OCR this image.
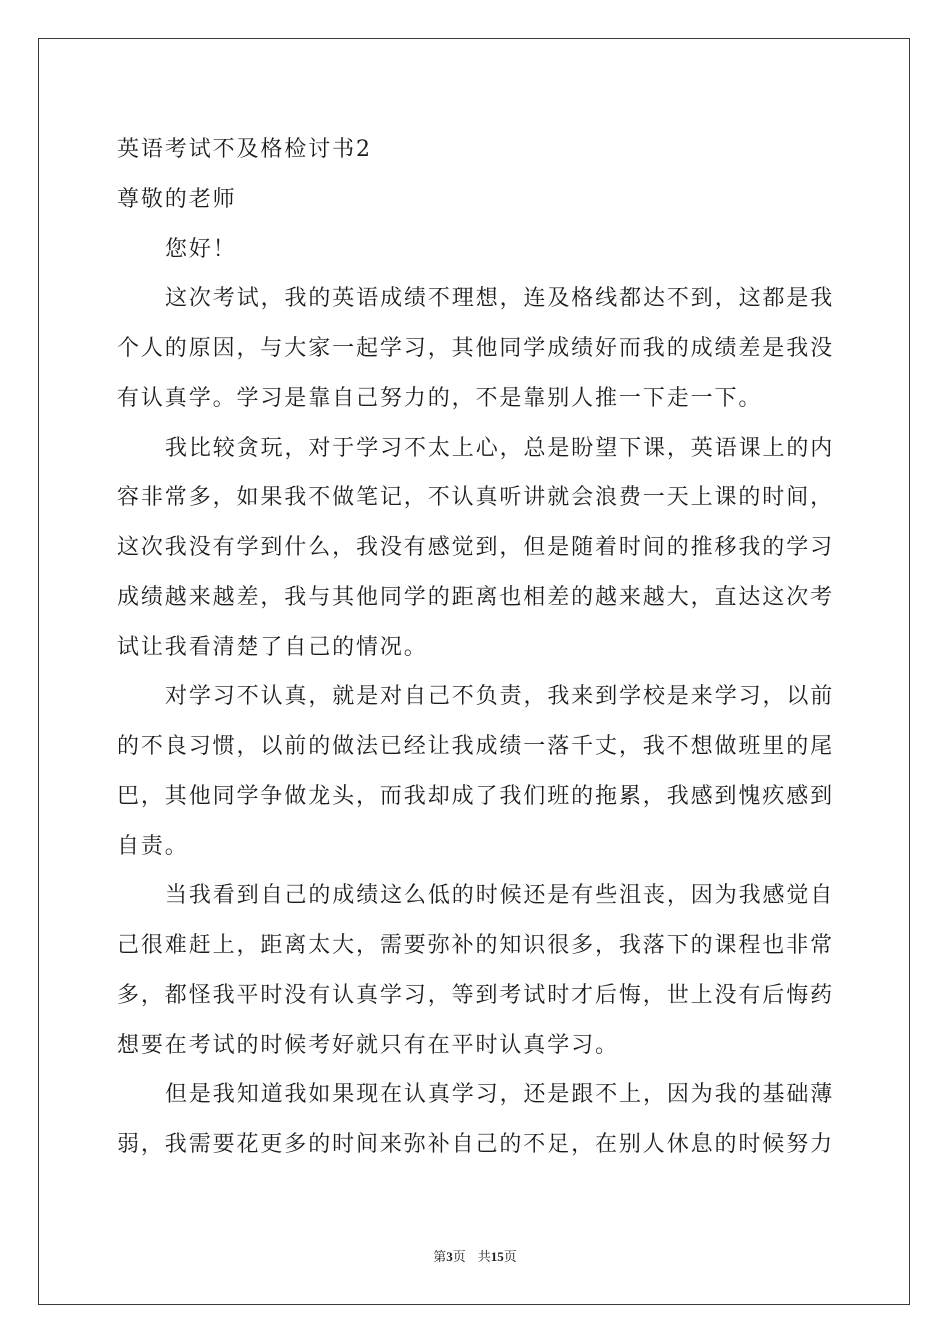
英语考试不及格检讨书2
尊敬的老师
您好！
这次考试，我的英语成绩不理想，连及格线都达不到，这都是我
个人的原因，与大家一起学习，其他同学成绩好而我的成绩差是我没
有认真学。学习是靠自己努力的，不是靠别人推一下走一下。
我比较贪玩，对于学习不太上心，总是盼望下课，英语课上的内
容非常多，如果我不做笔记，不认真听讲就会浪费一天上课的时间，
这次我没有学到什么，我没有感觉到，但是随着时间的推移我的学习
成绩越来越差，我与其他同学的距离也相差的越来越大，直达这次考
试让我看清楚了自己的情况。
对学习不认真，就是对自己不负责，我来到学校是来学习，以前
的不良习惯，以前的做法已经让我成绩一落千丈，我不想做班里的尾
巴，其他同学争做龙头，而我却成了我们班的拖累，我感到愧疚感到
自责。
当我看到自己的成绩这么低的时候还是有些沮丧，因为我感觉自
己很难赶上，距离太大，需要弥补的知识很多，我落下的课程也非常
多，都怪我平时没有认真学习，等到考试时才后悔，世上没有后悔药
想要在考试的时候考好就只有在平时认真学习。
但是我知道我如果现在认真学习，还是跟不上，因为我的基础薄
弱，我需要花更多的时间来弥补自己的不足，在别人休息的时候努力
第3页 共15页
